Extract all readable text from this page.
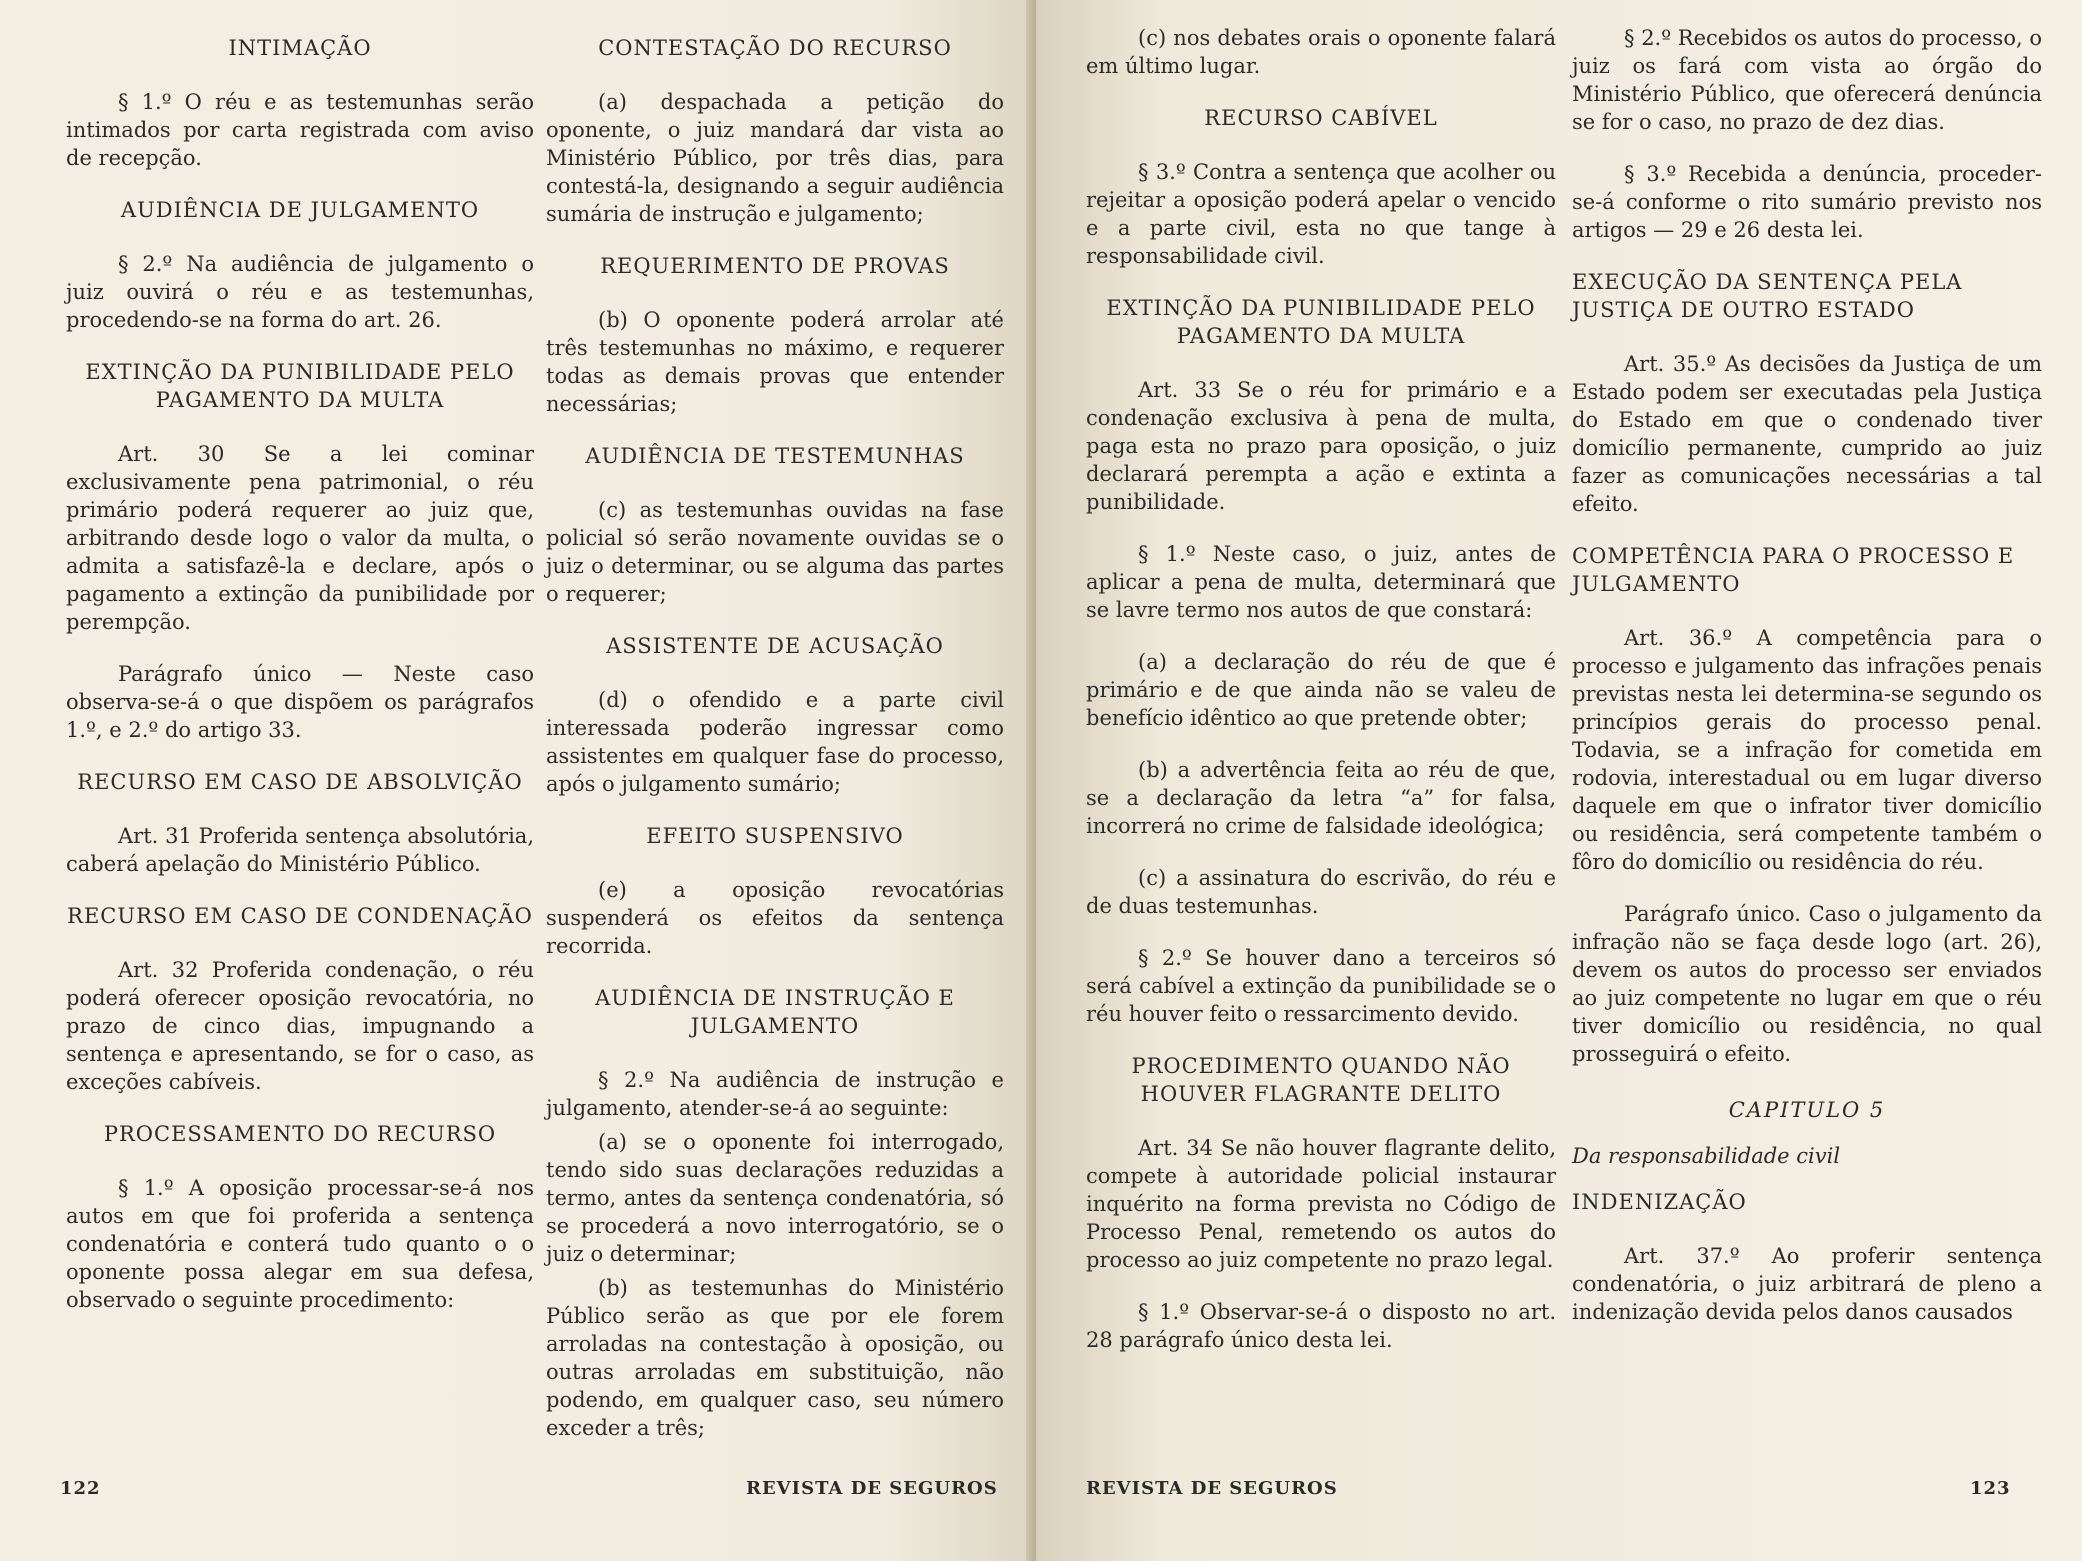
INTIMAÇÃO

§ 1.º O réu e as testemunhas serão intimados por carta registrada com aviso de recepção.

AUDIÊNCIA DE JULGAMENTO

§ 2.º Na audiência de julgamento o juiz ouvirá o réu e as testemunhas, procedendo-se na forma do art. 26.

EXTINÇÃO DA PUNIBILIDADE PELO PAGAMENTO DA MULTA

Art. 30 Se a lei cominar exclusivamente pena patrimonial, o réu primário poderá requerer ao juiz que, arbitrando desde logo o valor da multa, o admita a satisfazê-la e declare, após o pagamento a extinção da punibilidade por perempção.

Parágrafo único — Neste caso observa-se-á o que dispõem os parágrafos 1.º, e 2.º do artigo 33.

RECURSO EM CASO DE ABSOLVIÇÃO

Art. 31 Proferida sentença absolutória, caberá apelação do Ministério Público.

RECURSO EM CASO DE CONDENAÇÃO

Art. 32 Proferida condenação, o réu poderá oferecer oposição revocatória, no prazo de cinco dias, impugnando a sentença e apresentando, se for o caso, as exceções cabíveis.

PROCESSAMENTO DO RECURSO

§ 1.º A oposição processar-se-á nos autos em que foi proferida a sentença condenatória e conterá tudo quanto o o oponente possa alegar em sua defesa, observado o seguinte procedimento:

CONTESTAÇÃO DO RECURSO

(a) despachada a petição do oponente, o juiz mandará dar vista ao Ministério Público, por três dias, para contestá-la, designando a seguir audiência sumária de instrução e julgamento;

REQUERIMENTO DE PROVAS

(b) O oponente poderá arrolar até três testemunhas no máximo, e requerer todas as demais provas que entender necessárias;

AUDIÊNCIA DE TESTEMUNHAS

(c) as testemunhas ouvidas na fase policial só serão novamente ouvidas se o juiz o determinar, ou se alguma das partes o requerer;

ASSISTENTE DE ACUSAÇÃO

(d) o ofendido e a parte civil interessada poderão ingressar como assistentes em qualquer fase do processo, após o julgamento sumário;

EFEITO SUSPENSIVO

(e) a oposição revocatórias suspenderá os efeitos da sentença recorrida.

AUDIÊNCIA DE INSTRUÇÃO E JULGAMENTO

§ 2.º Na audiência de instrução e julgamento, atender-se-á ao seguinte:

(a) se o oponente foi interrogado, tendo sido suas declarações reduzidas a termo, antes da sentença condenatória, só se procederá a novo interrogatório, se o juiz o determinar;

(b) as testemunhas do Ministério Público serão as que por ele forem arroladas na contestação à oposição, ou outras arroladas em substituição, não podendo, em qualquer caso, seu número exceder a três;

122	REVISTA DE SEGUROS

(c) nos debates orais o oponente falará em último lugar.

RECURSO CABÍVEL

§ 3.º Contra a sentença que acolher ou rejeitar a oposição poderá apelar o vencido e a parte civil, esta no que tange à responsabilidade civil.

EXTINÇÃO DA PUNIBILIDADE PELO PAGAMENTO DA MULTA

Art. 33 Se o réu for primário e a condenação exclusiva à pena de multa, paga esta no prazo para oposição, o juiz declarará perempta a ação e extinta a punibilidade.

§ 1.º Neste caso, o juiz, antes de aplicar a pena de multa, determinará que se lavre termo nos autos de que constará:

(a) a declaração do réu de que é primário e de que ainda não se valeu de benefício idêntico ao que pretende obter;

(b) a advertência feita ao réu de que, se a declaração da letra “a” for falsa, incorrerá no crime de falsidade ideológica;

(c) a assinatura do escrivão, do réu e de duas testemunhas.

§ 2.º Se houver dano a terceiros só será cabível a extinção da punibilidade se o réu houver feito o ressarcimento devido.

PROCEDIMENTO QUANDO NÃO HOUVER FLAGRANTE DELITO

Art. 34 Se não houver flagrante delito, compete à autoridade policial instaurar inquérito na forma prevista no Código de Processo Penal, remetendo os autos do processo ao juiz competente no prazo legal.

§ 1.º Observar-se-á o disposto no art. 28 parágrafo único desta lei.

§ 2.º Recebidos os autos do processo, o juiz os fará com vista ao órgão do Ministério Público, que oferecerá denúncia se for o caso, no prazo de dez dias.

§ 3.º Recebida a denúncia, proceder-se-á conforme o rito sumário previsto nos artigos — 29 e 26 desta lei.

EXECUÇÃO DA SENTENÇA PELA JUSTIÇA DE OUTRO ESTADO

Art. 35.º As decisões da Justiça de um Estado podem ser executadas pela Justiça do Estado em que o condenado tiver domicílio permanente, cumprido ao juiz fazer as comunicações necessárias a tal efeito.

COMPETÊNCIA PARA O PROCESSO E JULGAMENTO

Art. 36.º A competência para o processo e julgamento das infrações penais previstas nesta lei determina-se segundo os princípios gerais do processo penal. Todavia, se a infração for cometida em rodovia, interestadual ou em lugar diverso daquele em que o infrator tiver domicílio ou residência, será competente também o fôro do domicílio ou residência do réu.

Parágrafo único. Caso o julgamento da infração não se faça desde logo (art. 26), devem os autos do processo ser enviados ao juiz competente no lugar em que o réu tiver domicílio ou residência, no qual prosseguirá o efeito.

CAPITULO 5
Da responsabilidade civil
INDENIZAÇÃO

Art. 37.º Ao proferir sentença condenatória, o juiz arbitrará de pleno a indenização devida pelos danos causados

REVISTA DE SEGUROS	123
